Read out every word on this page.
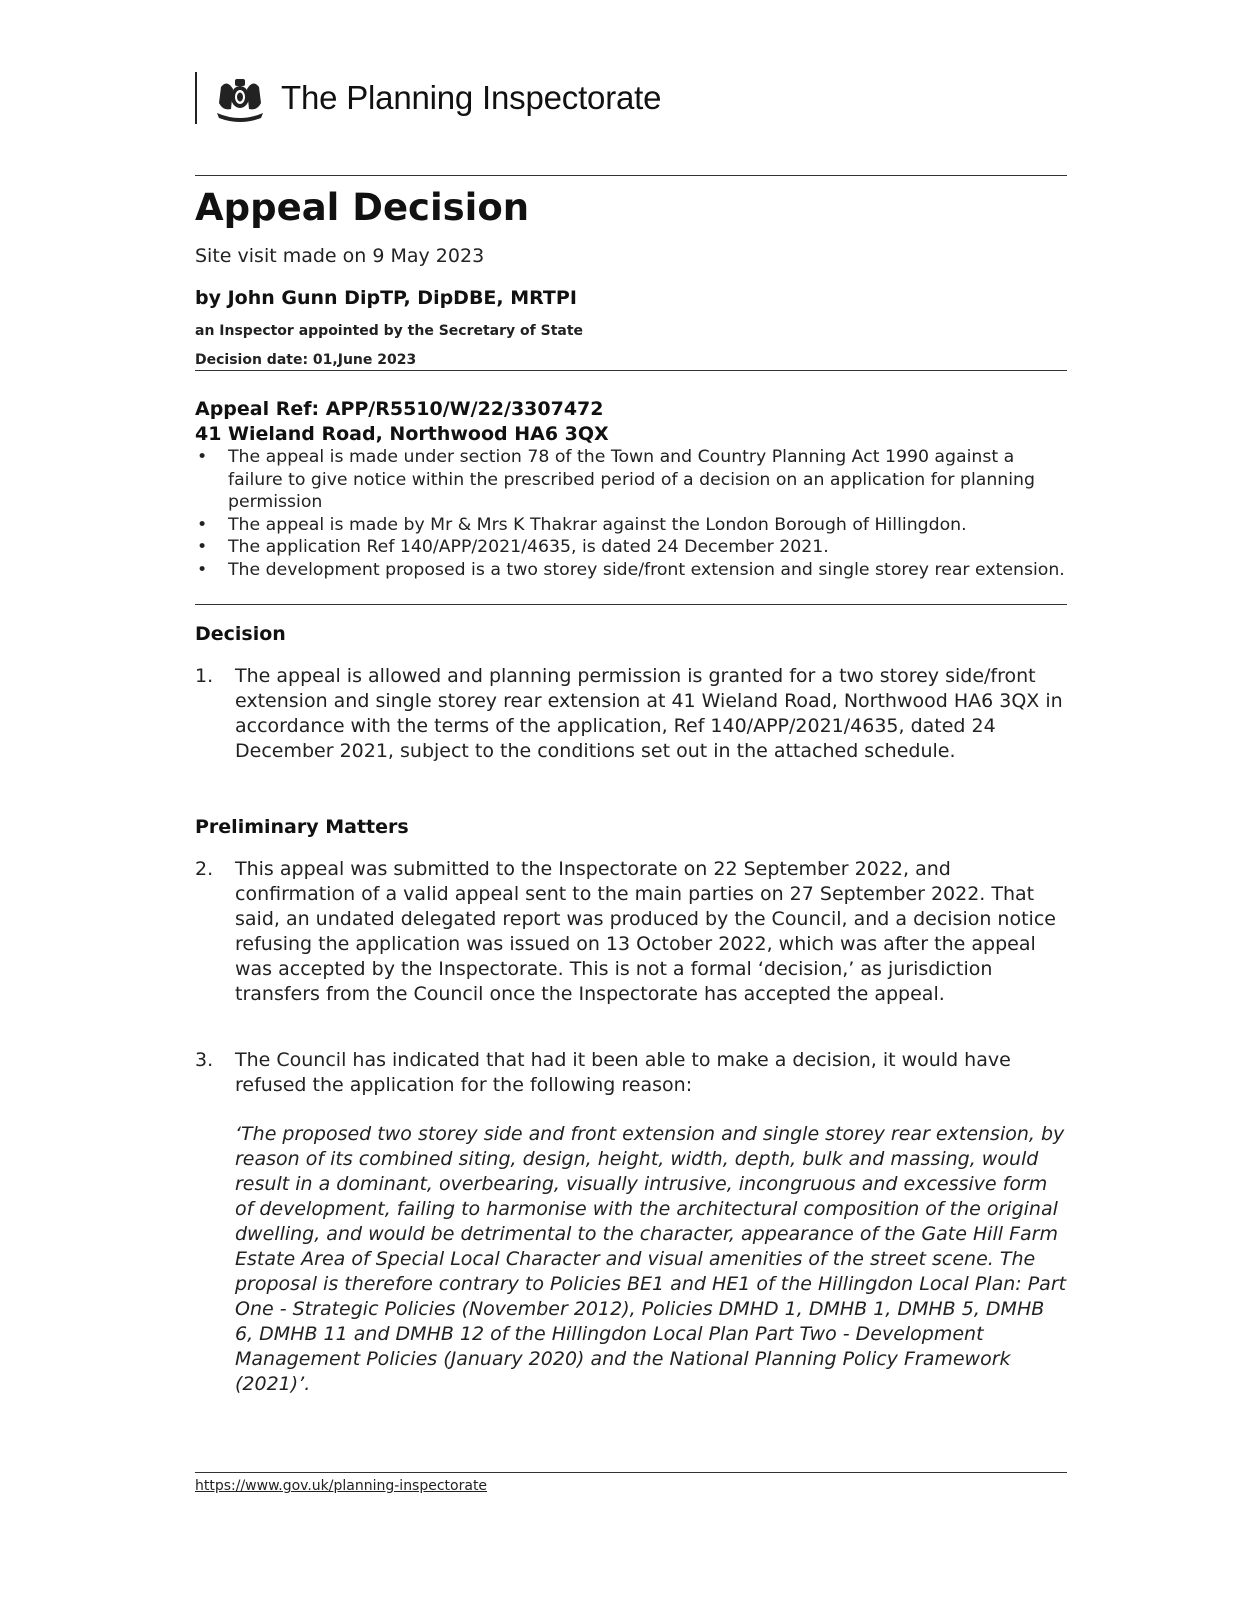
The Planning Inspectorate
Appeal Decision
Site visit made on 9 May 2023
by John Gunn DipTP, DipDBE, MRTPI
an Inspector appointed by the Secretary of State
Decision date: 01,June 2023
Appeal Ref: APP/R5510/W/22/3307472
41 Wieland Road, Northwood HA6 3QX
• The appeal is made under section 78 of the Town and Country Planning Act 1990 against a failure to give notice within the prescribed period of a decision on an application for planning permission
• The appeal is made by Mr & Mrs K Thakrar against the London Borough of Hillingdon.
• The application Ref 140/APP/2021/4635, is dated 24 December 2021.
• The development proposed is a two storey side/front extension and single storey rear extension.
Decision
1. The appeal is allowed and planning permission is granted for a two storey side/front extension and single storey rear extension at 41 Wieland Road, Northwood HA6 3QX in accordance with the terms of the application, Ref 140/APP/2021/4635, dated 24 December 2021, subject to the conditions set out in the attached schedule.
Preliminary Matters
2. This appeal was submitted to the Inspectorate on 22 September 2022, and confirmation of a valid appeal sent to the main parties on 27 September 2022. That said, an undated delegated report was produced by the Council, and a decision notice refusing the application was issued on 13 October 2022, which was after the appeal was accepted by the Inspectorate. This is not a formal ‘decision,’ as jurisdiction transfers from the Council once the Inspectorate has accepted the appeal.
3. The Council has indicated that had it been able to make a decision, it would have refused the application for the following reason:
‘The proposed two storey side and front extension and single storey rear extension, by reason of its combined siting, design, height, width, depth, bulk and massing, would result in a dominant, overbearing, visually intrusive, incongruous and excessive form of development, failing to harmonise with the architectural composition of the original dwelling, and would be detrimental to the character, appearance of the Gate Hill Farm Estate Area of Special Local Character and visual amenities of the street scene. The proposal is therefore contrary to Policies BE1 and HE1 of the Hillingdon Local Plan: Part One - Strategic Policies (November 2012), Policies DMHD 1, DMHB 1, DMHB 5, DMHB 6, DMHB 11 and DMHB 12 of the Hillingdon Local Plan Part Two - Development Management Policies (January 2020) and the National Planning Policy Framework (2021)’.
https://www.gov.uk/planning-inspectorate
